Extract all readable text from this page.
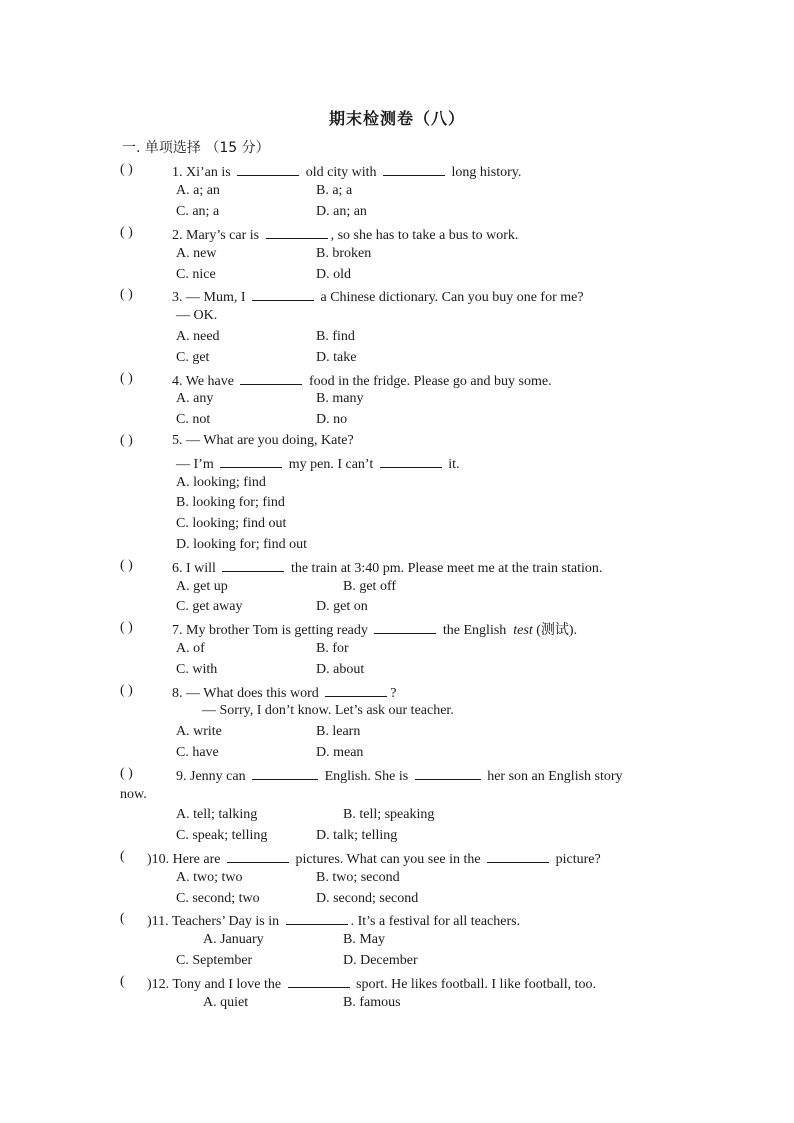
期末检测卷（八）
一. 单项选择 （15 分）
( )	1. Xi’an is	old city with	long history.
A. a; an	B. a; a
C. an; a	D. an; an
( )	2. Mary’s car is	, so she has to take a bus to work.
A. new	B. broken
C. nice	D. old
( )	3. — Mum, I	a Chinese dictionary. Can you buy one for me?
— OK.
A. need	B. find
C. get	D. take
( )	4. We have	food in the fridge. Please go and buy some.
A. any	B. many
C. not	D. no
( )	5. — What are you doing, Kate?
— I’m	my pen. I can’t	it.
A. looking; find
B. looking for; find
C. looking; find out
D. looking for; find out
( )	6. I will	the train at 3:40 pm. Please meet me at the train station.
A. get up	B. get off
C. get away	D. get on
( )	7. My brother Tom is getting ready	the English test (测试).
A. of	B. for
C. with	D. about
( )	8. — What does this word	?
— Sorry, I don’t know. Let’s ask our teacher.
A. write	B. learn
C. have	D. mean
( )	9. Jenny can	English. She is	her son an English story
now.
A. tell; talking	B. tell; speaking
C. speak; telling	D. talk; telling
( )10. Here are	pictures. What can you see in the	picture?
A. two; two	B. two; second
C. second; two	D. second; second
( )11. Teachers’ Day is in	. It’s a festival for all teachers.
A. January	B. May
C. September	D. December
( )12. Tony and I love the	sport. He likes football. I like football, too.
A. quiet	B. famous
